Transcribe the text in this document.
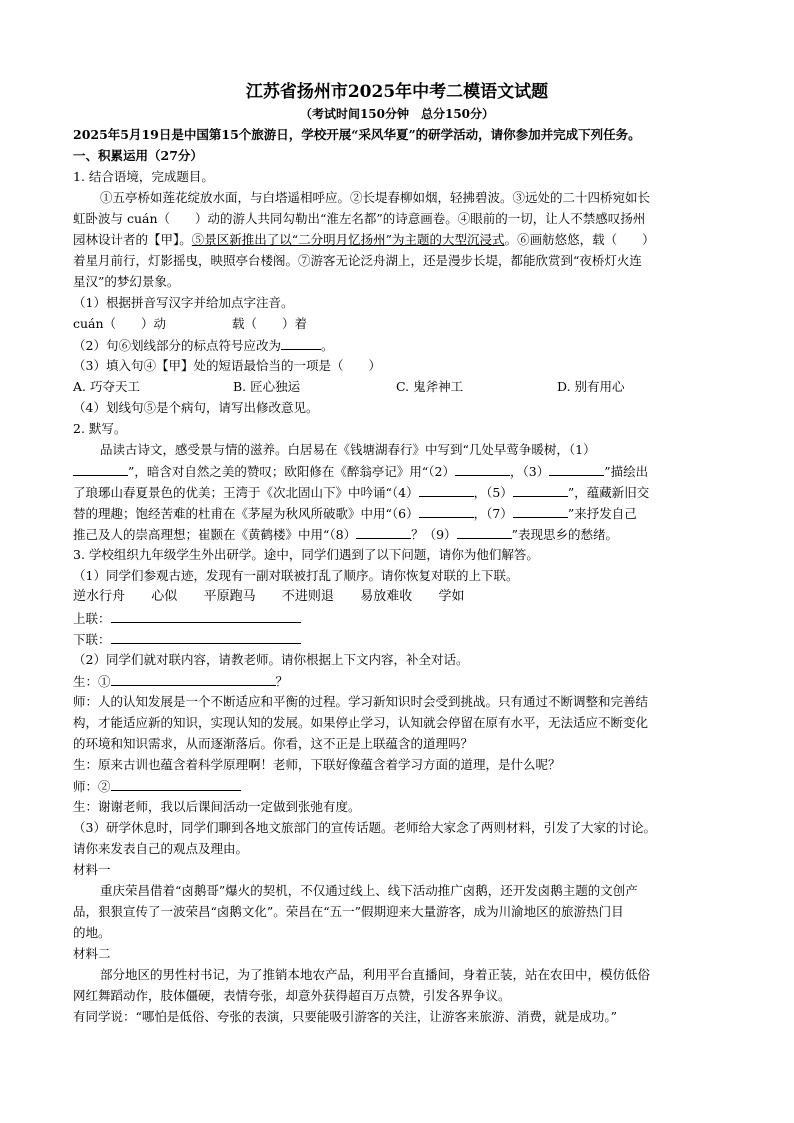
江苏省扬州市2025年中考二模语文试题
（考试时间150分钟　总分150分）
2025年5月19日是中国第15个旅游日，学校开展“采风华夏”的研学活动，请你参加并完成下列任务。
一、积累运用（27分）
1. 结合语境，完成题目。
①五亭桥如莲花绽放水面，与白塔遥相呼应。②长堤春柳如烟，轻拂碧波。③远处的二十四桥宛如长
虹卧波与 cuán（　　）动的游人共同勾勒出“淮左名都”的诗意画卷。④眼前的一切，让人不禁感叹扬州
园林设计者的【甲】。⑤景区新推出了以“二分明月忆扬州”为主题的大型沉浸式。⑥画舫悠悠，载（　　）
着星月前行，灯影摇曳，映照亭台楼阁。⑦游客无论泛舟湖上，还是漫步长堤，都能欣赏到“夜桥灯火连
星汉”的梦幻景象。
（1）根据拼音写汉字并给加点字注音。
cuán（　　）动	载（　　）着
（2）句⑥划线部分的标点符号应改为	。
（3）填入句④【甲】处的短语最恰当的一项是（　　）
A. 巧夺天工	B. 匠心独运	C. 鬼斧神工	D. 别有用心
（4）划线句⑤是个病句，请写出修改意见。
2. 默写。
品读古诗文，感受景与情的滋养。白居易在《钱塘湖春行》中写到“几处早莺争暖树，（1）
”，暗含对自然之美的赞叹；欧阳修在《醉翁亭记》用“（2）	，（3）	”描绘出
了琅琊山春夏景色的优美；王湾于《次北固山下》中吟诵“（4）	，（5）	”，蕴藏新旧交
替的理趣；饱经苦难的杜甫在《茅屋为秋风所破歌》中用“（6）	，（7）	”来抒发自己
推己及人的崇高理想；崔颢在《黄鹤楼》中用“（8）	？（9）	”表现思乡的愁绪。
3. 学校组织九年级学生外出研学。途中，同学们遇到了以下问题，请你为他们解答。
（1）同学们参观古迹，发现有一副对联被打乱了顺序。请你恢复对联的上下联。
逆水行舟 心似 平原跑马 不进则退 易放难收 学如
上联：
下联：
（2）同学们就对联内容，请教老师。请你根据上下文内容，补全对话。
生：①	？
师：人的认知发展是一个不断适应和平衡的过程。学习新知识时会受到挑战。只有通过不断调整和完善结
构，才能适应新的知识，实现认知的发展。如果停止学习，认知就会停留在原有水平，无法适应不断变化
的环境和知识需求，从而逐渐落后。你看，这不正是上联蕴含的道理吗？
生：原来古训也蕴含着科学原理啊！老师，下联好像蕴含着学习方面的道理，是什么呢？
师：②
生：谢谢老师，我以后课间活动一定做到张弛有度。
（3）研学休息时，同学们聊到各地文旅部门的宣传话题。老师给大家念了两则材料，引发了大家的讨论。
请你来发表自己的观点及理由。
材料一
重庆荣昌借着“卤鹅哥”爆火的契机，不仅通过线上、线下活动推广卤鹅，还开发卤鹅主题的文创产
品，狠狠宣传了一波荣昌“卤鹅文化”。荣昌在“五一”假期迎来大量游客，成为川渝地区的旅游热门目
的地。
材料二
部分地区的男性村书记，为了推销本地农产品，利用平台直播间，身着正装，站在农田中，模仿低俗
网红舞蹈动作，肢体僵硬，表情夸张，却意外获得超百万点赞，引发各界争议。
有同学说：“哪怕是低俗、夸张的表演，只要能吸引游客的关注，让游客来旅游、消费，就是成功。”
